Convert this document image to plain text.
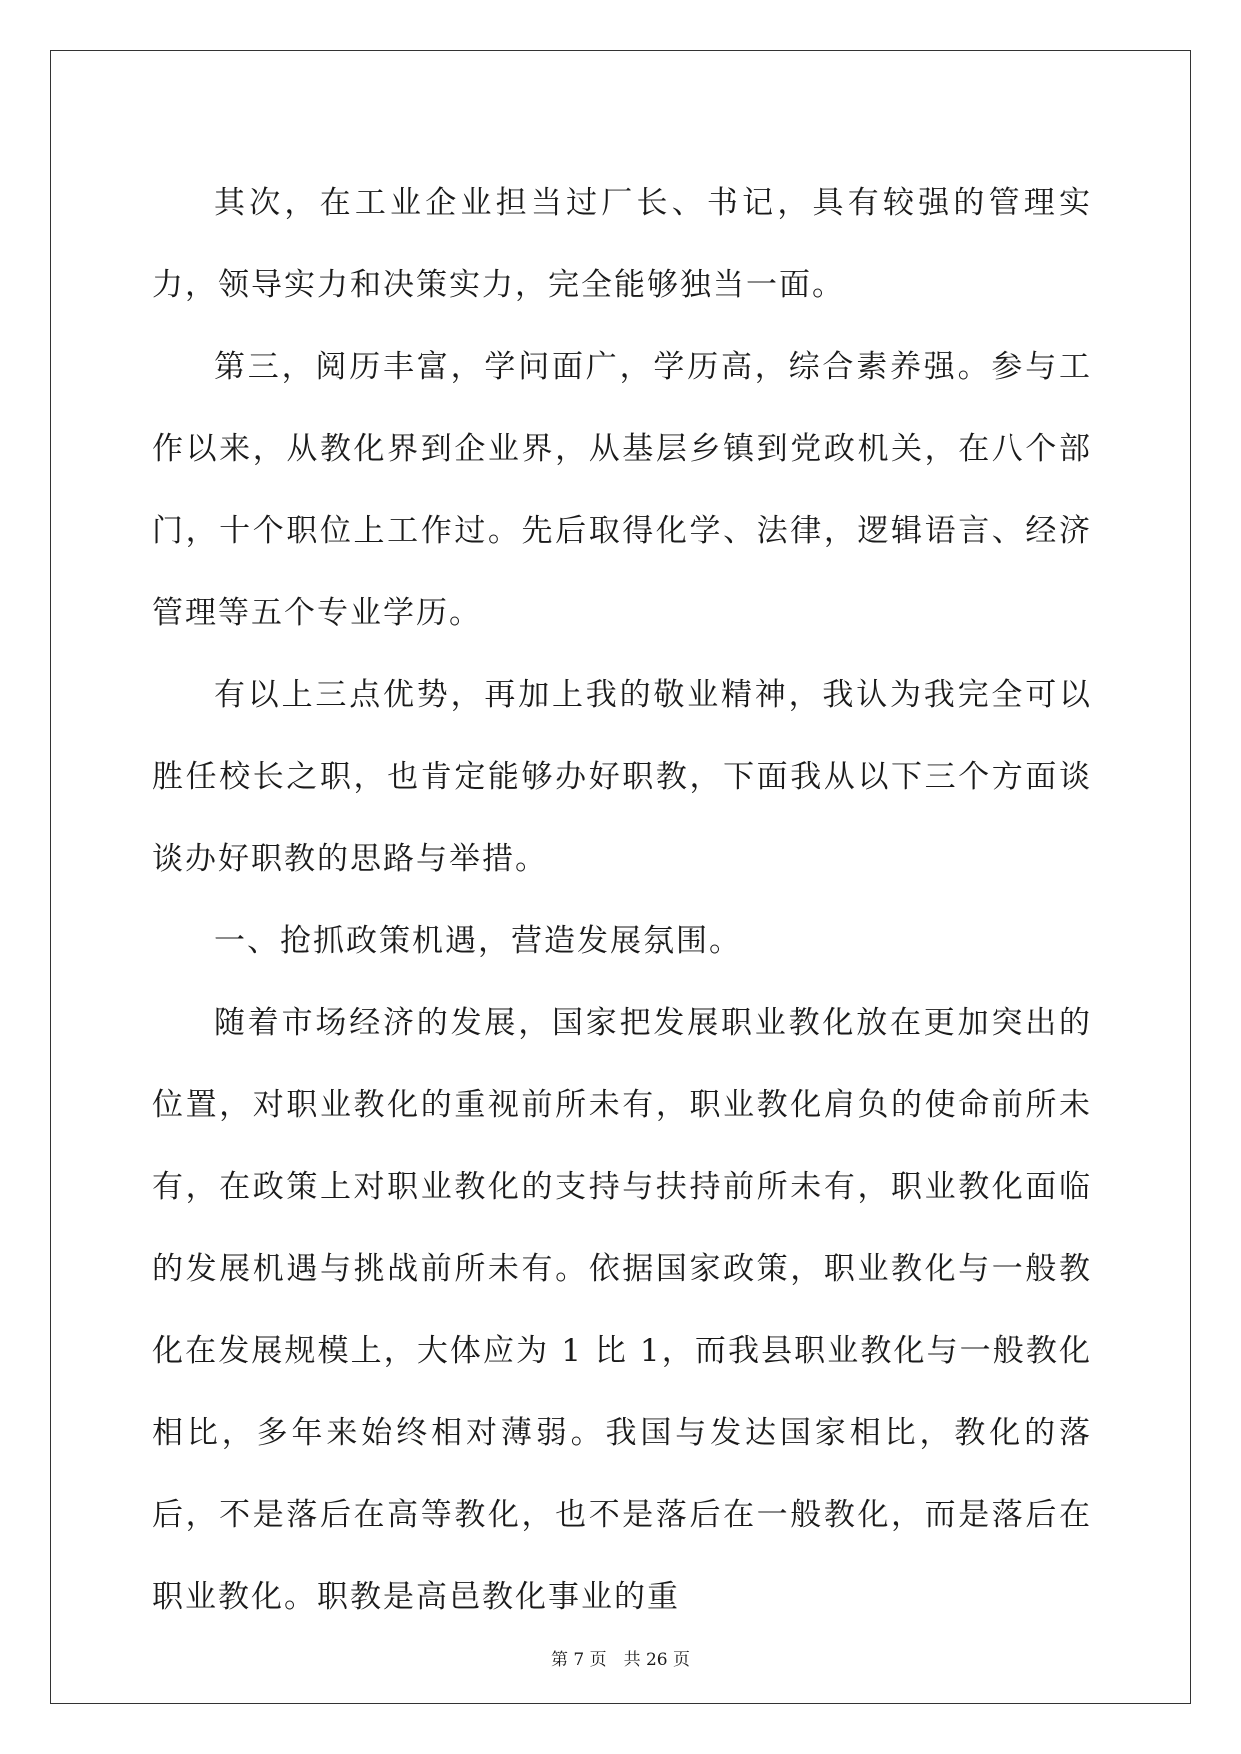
其次，在工业企业担当过厂长、书记，具有较强的管理实力，领导实力和决策实力，完全能够独当一面。

第三，阅历丰富，学问面广，学历高，综合素养强。参与工作以来，从教化界到企业界，从基层乡镇到党政机关，在八个部门，十个职位上工作过。先后取得化学、法律，逻辑语言、经济管理等五个专业学历。

有以上三点优势，再加上我的敬业精神，我认为我完全可以胜任校长之职，也肯定能够办好职教，下面我从以下三个方面谈谈办好职教的思路与举措。

一、抢抓政策机遇，营造发展氛围。

随着市场经济的发展，国家把发展职业教化放在更加突出的位置，对职业教化的重视前所未有，职业教化肩负的使命前所未有，在政策上对职业教化的支持与扶持前所未有，职业教化面临的发展机遇与挑战前所未有。依据国家政策，职业教化与一般教化在发展规模上，大体应为 1 比 1，而我县职业教化与一般教化相比，多年来始终相对薄弱。我国与发达国家相比，教化的落后，不是落后在高等教化，也不是落后在一般教化，而是落后在职业教化。职教是高邑教化事业的重

第 7 页　共 26 页
